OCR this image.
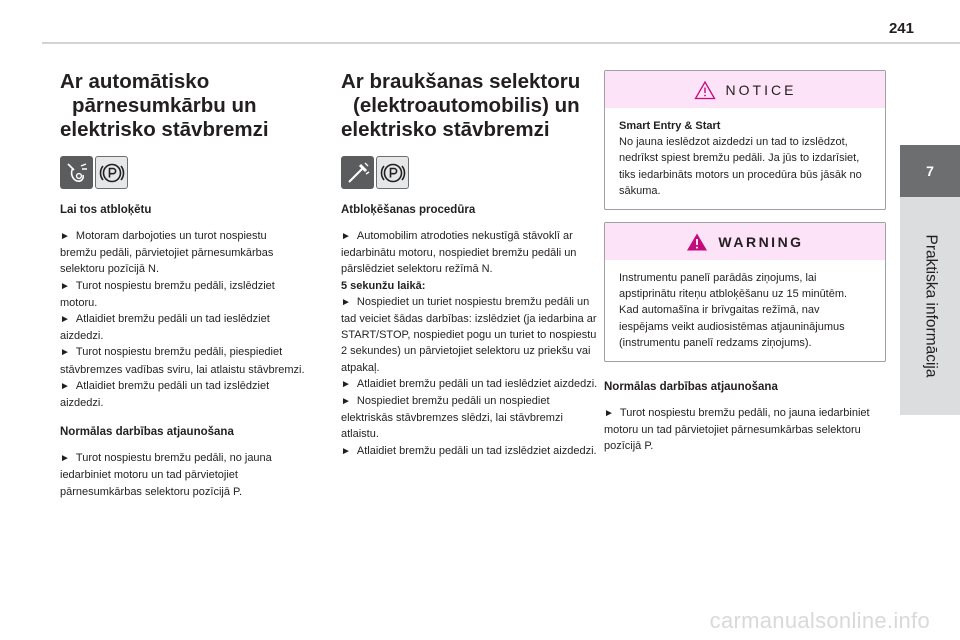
241
7
Praktiska informācija
Ar automātisko
pārnesumkārbu un
elektrisko stāvbremzi
Lai tos atbloķētu

► Motoram darbojoties un turot nospiestu bremžu pedāli, pārvietojiet pārnesumkārbas selektoru pozīcijā N.
► Turot nospiestu bremžu pedāli, izslēdziet motoru.
► Atlaidiet bremžu pedāli un tad ieslēdziet aizdedzi.
► Turot nospiestu bremžu pedāli, piespiediet stāvbremzes vadības sviru, lai atlaistu stāvbremzi.
► Atlaidiet bremžu pedāli un tad izslēdziet aizdedzi.

Normālas darbības atjaunošana

► Turot nospiestu bremžu pedāli, no jauna iedarbiniet motoru un tad pārvietojiet pārnesumkārbas selektoru pozīcijā P.

Ar braukšanas selektoru
(elektroautomobilis) un
elektrisko stāvbremzi
Atbloķēšanas procedūra

► Automobilim atrodoties nekustīgā stāvoklī ar iedarbinātu motoru, nospiediet bremžu pedāli un pārslēdziet selektoru režīmā N.
5 sekunžu laikā:
► Nospiediet un turiet nospiestu bremžu pedāli un tad veiciet šādas darbības: izslēdziet (ja iedarbina ar START/STOP, nospiediet pogu un turiet to nospiestu 2 sekundes) un pārvietojiet selektoru uz priekšu vai atpakaļ.
► Atlaidiet bremžu pedāli un tad ieslēdziet aizdedzi.
► Nospiediet bremžu pedāli un nospiediet elektriskās stāvbremzes slēdzi, lai stāvbremzi atlaistu.
► Atlaidiet bremžu pedāli un tad izslēdziet aizdedzi.

NOTICE
Smart Entry & Start
No jauna ieslēdzot aizdedzi un tad to izslēdzot, nedrīkst spiest bremžu pedāli. Ja jūs to izdarīsiet, tiks iedarbināts motors un procedūra būs jāsāk no sākuma.
WARNING
Instrumentu panelī parādās ziņojums, lai apstiprinātu riteņu atbloķēšanu uz 15 minūtēm.
Kad automašīna ir brīvgaitas režīmā, nav iespējams veikt audiosistēmas atjauninājumus (instrumentu panelī redzams ziņojums).
Normālas darbības atjaunošana

► Turot nospiestu bremžu pedāli, no jauna iedarbiniet motoru un tad pārvietojiet pārnesumkārbas selektoru pozīcijā P.

carmanualsonline.info
